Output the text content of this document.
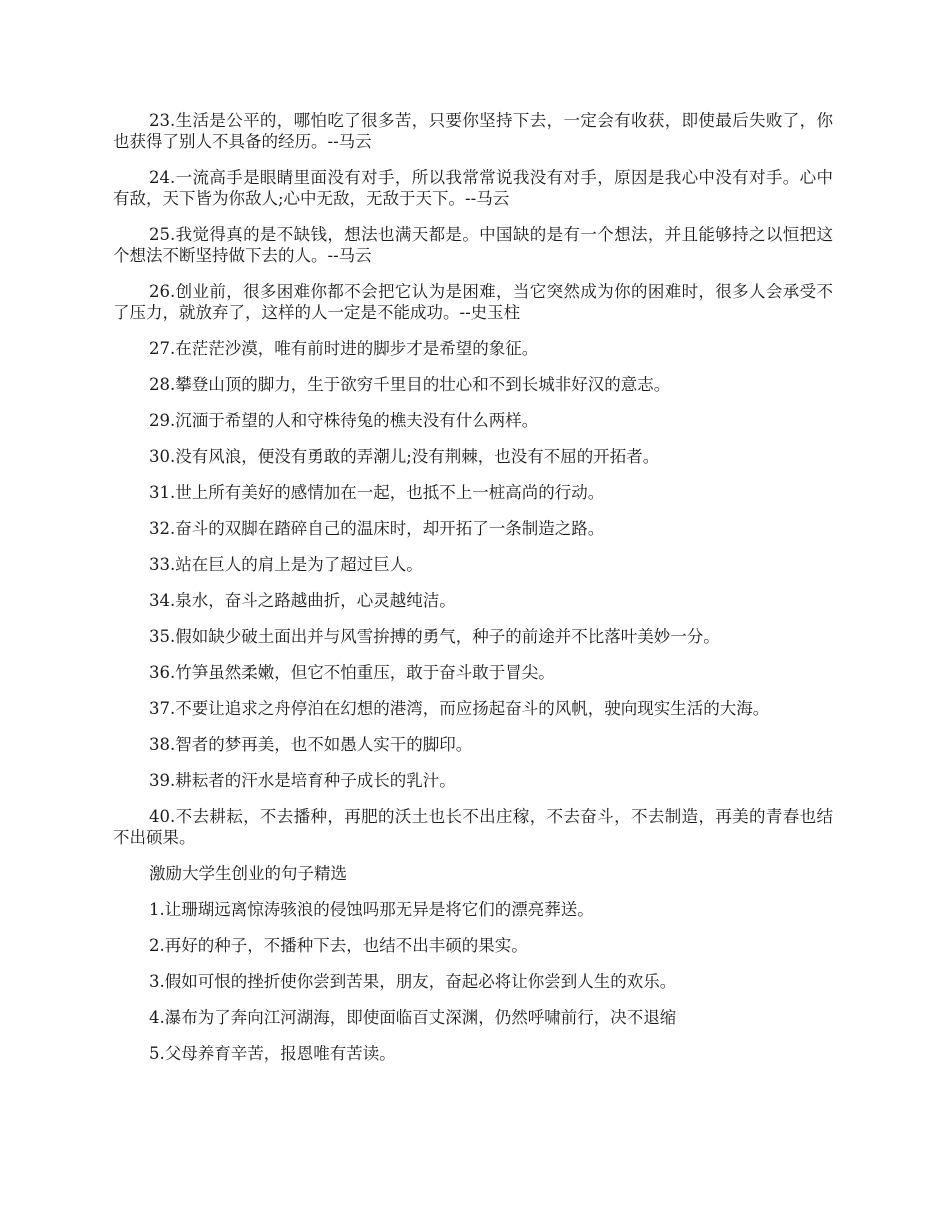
23.生活是公平的，哪怕吃了很多苦，只要你坚持下去，一定会有收获，即使最后失败了，你也获得了别人不具备的经历。--马云

24.一流高手是眼睛里面没有对手，所以我常常说我没有对手，原因是我心中没有对手。心中有敌，天下皆为你敌人;心中无敌，无敌于天下。--马云

25.我觉得真的是不缺钱，想法也满天都是。中国缺的是有一个想法，并且能够持之以恒把这个想法不断坚持做下去的人。--马云

26.创业前，很多困难你都不会把它认为是困难，当它突然成为你的困难时，很多人会承受不了压力，就放弃了，这样的人一定是不能成功。--史玉柱

27.在茫茫沙漠，唯有前时进的脚步才是希望的象征。

28.攀登山顶的脚力，生于欲穷千里目的壮心和不到长城非好汉的意志。

29.沉湎于希望的人和守株待兔的樵夫没有什么两样。

30.没有风浪，便没有勇敢的弄潮儿;没有荆棘，也没有不屈的开拓者。

31.世上所有美好的感情加在一起，也抵不上一桩高尚的行动。

32.奋斗的双脚在踏碎自己的温床时，却开拓了一条制造之路。

33.站在巨人的肩上是为了超过巨人。

34.泉水，奋斗之路越曲折，心灵越纯洁。

35.假如缺少破土面出并与风雪拚搏的勇气，种子的前途并不比落叶美妙一分。

36.竹笋虽然柔嫩，但它不怕重压，敢于奋斗敢于冒尖。

37.不要让追求之舟停泊在幻想的港湾，而应扬起奋斗的风帆，驶向现实生活的大海。

38.智者的梦再美，也不如愚人实干的脚印。

39.耕耘者的汗水是培育种子成长的乳汁。

40.不去耕耘，不去播种，再肥的沃土也长不出庄稼，不去奋斗，不去制造，再美的青春也结不出硕果。

激励大学生创业的句子精选

1.让珊瑚远离惊涛骇浪的侵蚀吗那无异是将它们的漂亮葬送。

2.再好的种子，不播种下去，也结不出丰硕的果实。

3.假如可恨的挫折使你尝到苦果，朋友，奋起必将让你尝到人生的欢乐。

4.瀑布为了奔向江河湖海，即使面临百丈深渊，仍然呼啸前行，决不退缩

5.父母养育辛苦，报恩唯有苦读。
